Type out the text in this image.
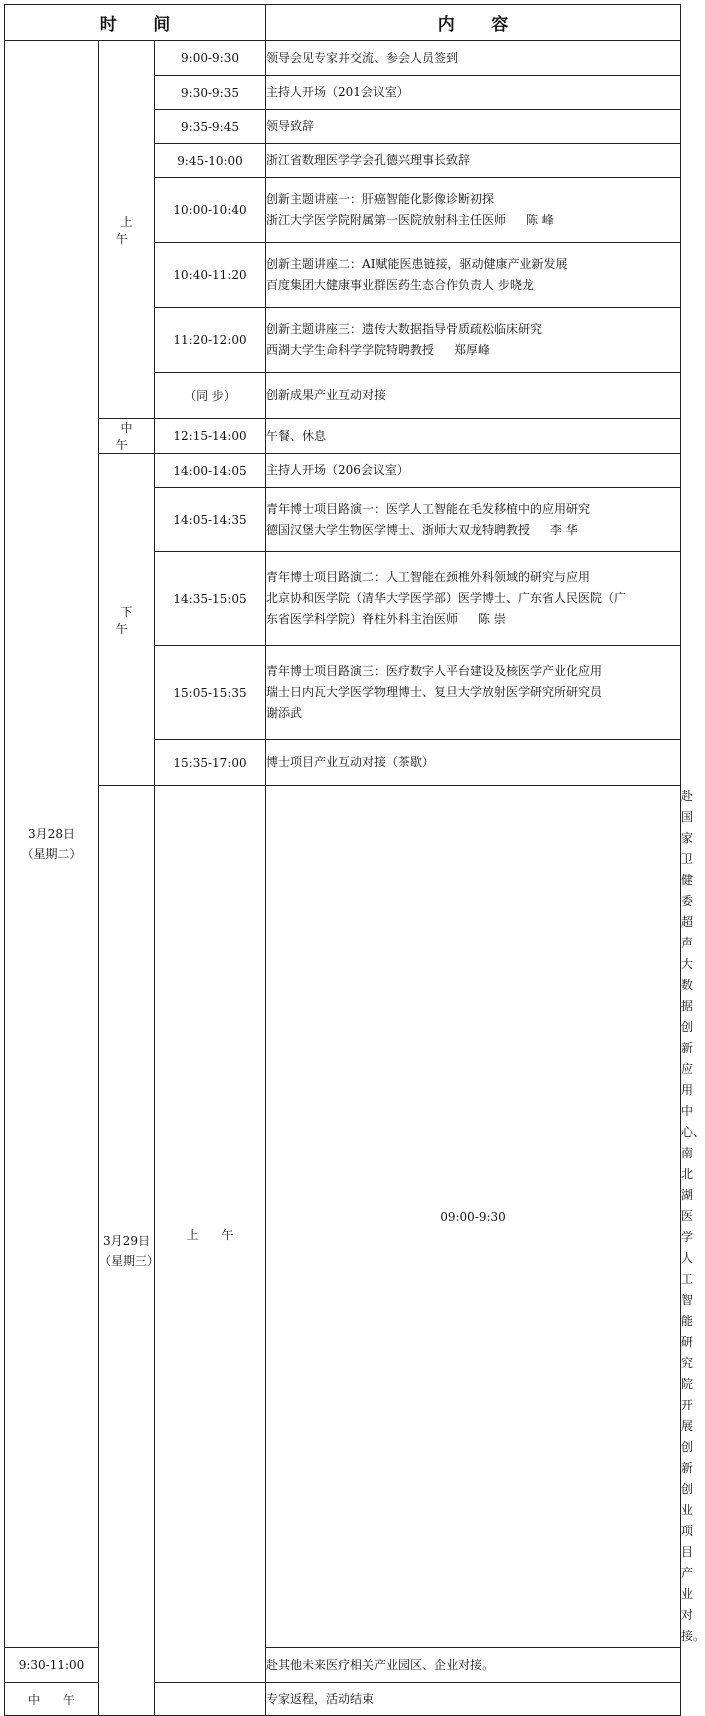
时 间			内 容	

3月28日
（星期二）	上 午	9:00-9:30	领导会见专家并交流、参会人员签到	

		9:30-9:35	主持人开场（201会议室）	

		9:35-9:45	领导致辞	

		9:45-10:00	浙江省数理医学学会孔德兴理事长致辞	

		10:00-10:40	创新主题讲座一：肝癌智能化影像诊断初探
浙江大学医学院附属第一医院放射科主任医师 陈 峰	

		10:40-11:20	创新主题讲座二：AI赋能医患链接，驱动健康产业新发展
百度集团大健康事业群医药生态合作负责人 步晓龙	

		11:20-12:00	创新主题讲座三：遗传大数据指导骨质疏松临床研究
西湖大学生命科学学院特聘教授 郑厚峰	

		（同 步）	创新成果产业互动对接	

	中 午	12:15-14:00	午餐、休息	

	下 午	14:00-14:05	主持人开场（206会议室）	

		14:05-14:35	青年博士项目路演一：医学人工智能在毛发移植中的应用研究
德国汉堡大学生物医学博士、浙师大双龙特聘教授 李 华	

		14:35-15:05	青年博士项目路演二：人工智能在颈椎外科领域的研究与应用
北京协和医学院（清华大学医学部）医学博士、广东省人民医院（广
东省医学科学院）脊柱外科主治医师 陈 崇	

		15:05-15:35	青年博士项目路演三：医疗数字人平台建设及核医学产业化应用
瑞士日内瓦大学医学物理博士、复旦大学放射医学研究所研究员
谢添武	

		15:35-17:00	博士项目产业互动对接（茶歇）	

	3月29日
（星期三）	上 午	09:00-9:30	赴国家卫健委超声大数据创新应用中心、南北湖医学人工智能研究院开展创新创业项目产业对接。

9:30-11:00			赴其他未来医疗相关产业园区、企业对接。	

中 午			专家返程，活动结束	
